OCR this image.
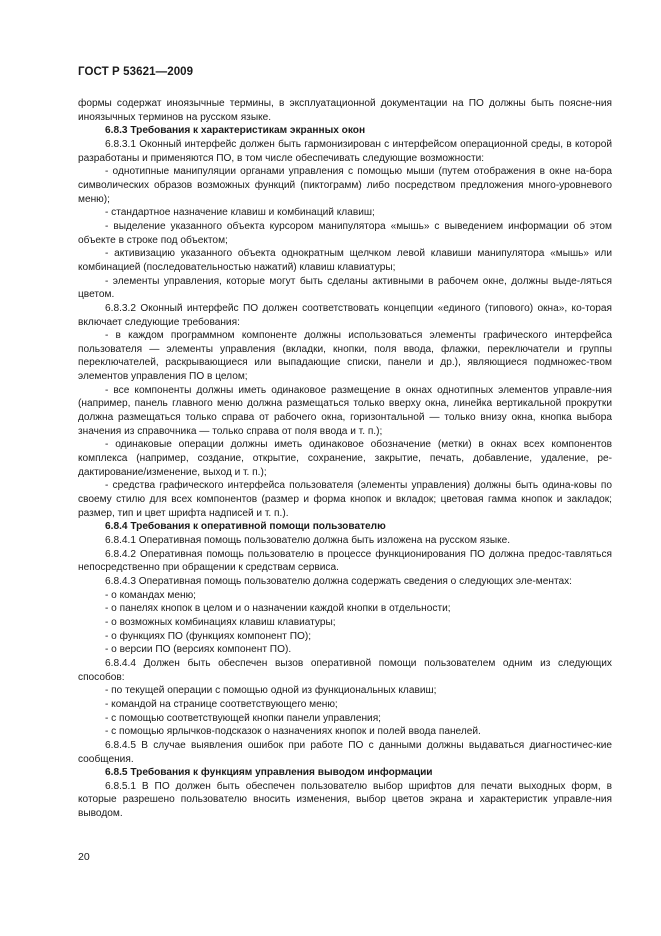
ГОСТ Р 53621—2009

формы содержат иноязычные термины, в эксплуатационной документации на ПО должны быть поясне-ния иноязычных терминов на русском языке.

6.8.3 Требования к характеристикам экранных окон

6.8.3.1 Оконный интерфейс должен быть гармонизирован с интерфейсом операционной среды, в которой разработаны и применяются ПО, в том числе обеспечивать следующие возможности:

- однотипные манипуляции органами управления с помощью мыши (путем отображения в окне на-бора символических образов возможных функций (пиктограмм) либо посредством предложения много-уровневого меню);

- стандартное назначение клавиш и комбинаций клавиш;

- выделение указанного объекта курсором манипулятора «мышь» с выведением информации об этом объекте в строке под объектом;

- активизацию указанного объекта однократным щелчком левой клавиши манипулятора «мышь» или комбинацией (последовательностью нажатий) клавиш клавиатуры;

- элементы управления, которые могут быть сделаны активными в рабочем окне, должны выде-ляться цветом.

6.8.3.2 Оконный интерфейс ПО должен соответствовать концепции «единого (типового) окна», ко-торая включает следующие требования:

- в каждом программном компоненте должны использоваться элементы графического интерфейса пользователя — элементы управления (вкладки, кнопки, поля ввода, флажки, переключатели и группы переключателей, раскрывающиеся или выпадающие списки, панели и др.), являющиеся подмножес-твом элементов управления ПО в целом;

- все компоненты должны иметь одинаковое размещение в окнах однотипных элементов управле-ния (например, панель главного меню должна размещаться только вверху окна, линейка вертикальной прокрутки должна размещаться только справа от рабочего окна, горизонтальной — только внизу окна, кнопка выбора значения из справочника — только справа от поля ввода и т. п.);

- одинаковые операции должны иметь одинаковое обозначение (метки) в окнах всех компонентов комплекса (например, создание, открытие, сохранение, закрытие, печать, добавление, удаление, ре-дактирование/изменение, выход и т. п.);

- средства графического интерфейса пользователя (элементы управления) должны быть одина-ковы по своему стилю для всех компонентов (размер и форма кнопок и вкладок; цветовая гамма кнопок и закладок; размер, тип и цвет шрифта надписей и т. п.).

6.8.4 Требования к оперативной помощи пользователю

6.8.4.1 Оперативная помощь пользователю должна быть изложена на русском языке.

6.8.4.2 Оперативная помощь пользователю в процессе функционирования ПО должна предос-тавляться непосредственно при обращении к средствам сервиса.

6.8.4.3 Оперативная помощь пользователю должна содержать сведения о следующих эле-ментах:

- о командах меню;

- о панелях кнопок в целом и о назначении каждой кнопки в отдельности;

- о возможных комбинациях клавиш клавиатуры;

- о функциях ПО (функциях компонент ПО);

- о версии ПО (версиях компонент ПО).

6.8.4.4 Должен быть обеспечен вызов оперативной помощи пользователем одним из следующих способов:

- по текущей операции с помощью одной из функциональных клавиш;

- командой на странице соответствующего меню;

- с помощью соответствующей кнопки панели управления;

- с помощью ярлычков-подсказок о назначениях кнопок и полей ввода панелей.

6.8.4.5 В случае выявления ошибок при работе ПО с данными должны выдаваться диагностичес-кие сообщения.

6.8.5 Требования к функциям управления выводом информации

6.8.5.1 В ПО должен быть обеспечен пользователю выбор шрифтов для печати выходных форм, в которые разрешено пользователю вносить изменения, выбор цветов экрана и характеристик управле-ния выводом.

20
